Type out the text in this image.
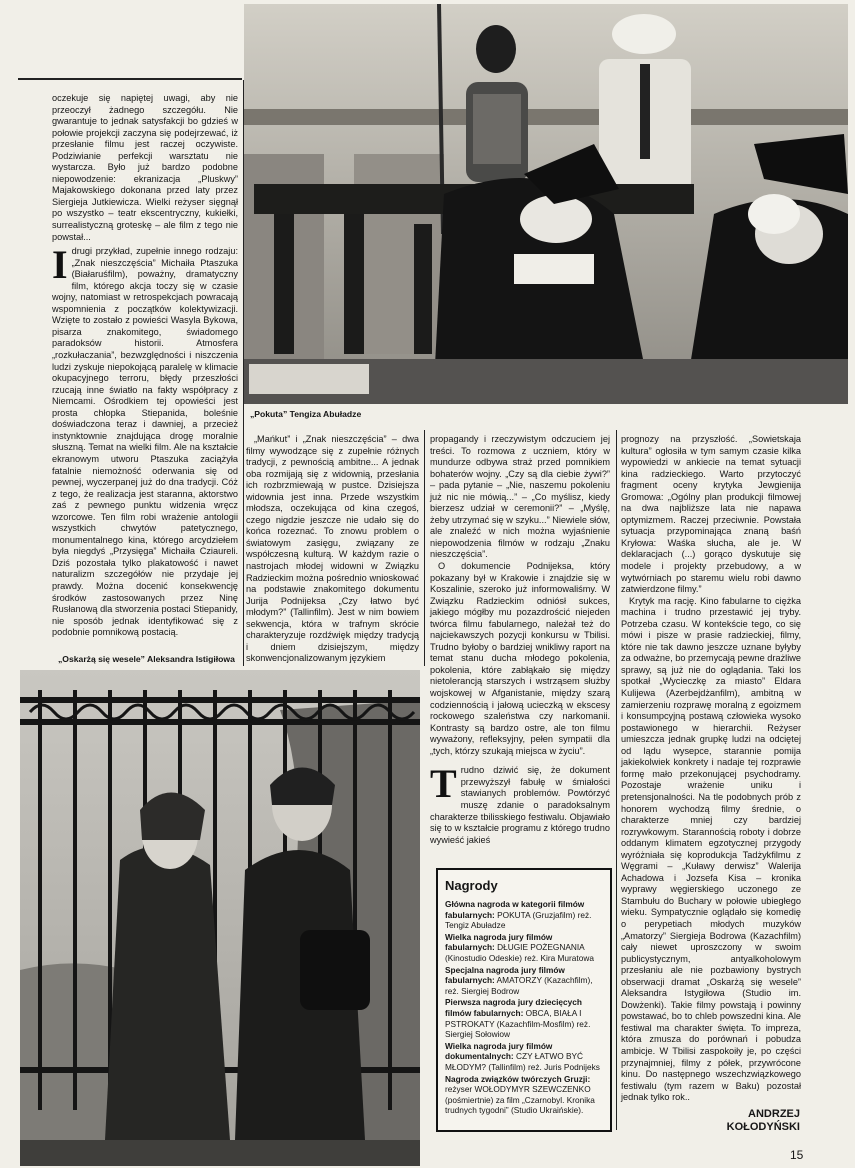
oczekuje się napiętej uwagi, aby nie przeoczył żadnego szczegółu. Nie gwarantuje to jednak satysfakcji bo gdzieś w połowie projekcji zaczyna się podejrzewać, iż przesłanie filmu jest raczej oczywiste. Podziwianie perfekcji warsztatu nie wystarcza. Było już bardzo podobne niepowodzenie: ekranizacja „Pluskwy” Majakowskiego dokonana przed laty przez Siergieja Jutkiewicza. Wielki reżyser sięgnął po wszystko – teatr ekscentryczny, kukiełki, surrealistyczną groteskę – ale film z tego nie powstał...

Idrugi przykład, zupełnie innego rodzaju: „Znak nieszczęścia” Michaiła Ptaszuka (Białaruśfilm), poważny, dramatyczny film, którego akcja toczy się w czasie wojny, natomiast w retrospekcjach powracają wspomnienia z początków kolektywizacji. Wzięte to zostało z powieści Wasyla Bykowa, pisarza znakomitego, świadomego paradoksów historii. Atmosfera „rozkułaczania”, bezwzględności i niszczenia ludzi zyskuje niepokojącą paralelę w klimacie okupacyjnego terroru, błędy przeszłości rzucają inne światło na fakty współpracy z Niemcami. Ośrodkiem tej opowieści jest prosta chłopka Stiepanida, boleśnie doświadczona teraz i dawniej, a przecież instynktownie znajdująca drogę moralnie słuszną. Temat na wielki film. Ale na kształcie ekranowym utworu Ptaszuka zaciążyła fatalnie niemożność oderwania się od pewnej, wyczerpanej już do dna tradycji. Cóż z tego, że realizacja jest staranna, aktorstwo zaś z pewnego punktu widzenia wręcz wzorcowe. Ten film robi wrażenie antologii wszystkich chwytów patetycznego, monumentalnego kina, którego arcydziełem była niegdyś „Przysięga” Michaiła Cziaureli. Dziś pozostała tylko plakatowość i nawet naturalizm szczegółów nie przydaje jej prawdy. Można docenić konsekwencję środków zastosowanych przez Ninę Rusłanową dla stworzenia postaci Stiepanidy, nie sposób jednak identyfikować się z podobnie pomnikową postacią.

„Oskarżą się wesele” Aleksandra Istigiłowa

„Pokuta” Tengiza Abuładze

„Mańkut” i „Znak nieszczęścia” – dwa filmy wywodzące się z zupełnie różnych tradycji, z pewnością ambitne... A jednak oba rozmijają się z widownią, przesłania ich rozbrzmiewają w pustce. Dzisiejsza widownia jest inna. Przede wszystkim młodsza, oczekująca od kina czegoś, czego nigdzie jeszcze nie udało się do końca rozeznać. To znowu problem o światowym zasięgu, związany ze współczesną kulturą. W każdym razie o nastrojach młodej widowni w Związku Radzieckim można pośrednio wnioskować na podstawie znakomitego dokumentu Jurija Podnijeksa „Czy łatwo być młodym?” (Tallinfilm). Jest w nim bowiem sekwencja, która w trafnym skrócie charakteryzuje rozdźwięk między tradycją i dniem dzisiejszym, między skonwencjonalizowanym językiem

propagandy i rzeczywistym odczuciem jej treści. To rozmowa z uczniem, który w mundurze odbywa straż przed pomnikiem bohaterów wojny. „Czy są dla ciebie żywi?” – pada pytanie – „Nie, naszemu pokoleniu już nic nie mówią...” – „Co myślisz, kiedy bierzesz udział w ceremonii?” – „Myślę, żeby utrzymać się w szyku...” Niewiele słów, ale znaleźć w nich można wyjaśnienie niepowodzenia filmów w rodzaju „Znaku nieszczęścia”.

O dokumencie Podnijeksa, który pokazany był w Krakowie i znajdzie się w Koszalinie, szeroko już informowaliśmy. W Związku Radzieckim odniósł sukces, jakiego mógłby mu pozazdrościć niejeden twórca filmu fabularnego, należał też do najciekawszych pozycji konkursu w Tbilisi. Trudno byłoby o bardziej wnikliwy raport na temat stanu ducha młodego pokolenia, pokolenia, które zabłąkało się między nietolerancją starszych i wstrząsem służby wojskowej w Afganistanie, między szarą codziennością i jałową ucieczką w ekscesy rockowego szaleństwa czy narkomanii. Kontrasty są bardzo ostre, ale ton filmu wyważony, refleksyjny, pełen sympatii dla „tych, którzy szukają miejsca w życiu”.

Trudno dziwić się, że dokument przewyższył fabułę w śmiałości stawianych problemów. Powtórzyć muszę zdanie o paradoksalnym charakterze tbilisskiego festiwalu. Objawiało się to w kształcie programu z którego trudno wywieść jakieś

Nagrody

Główna nagroda w kategorii filmów fabularnych: POKUTA (Gruzjafilm) reż. Tengiz Abuładze

Wielka nagroda jury filmów fabularnych: DŁUGIE POŻEGNANIA (Kinostudio Odeskie) reż. Kira Muratowa

Specjalna nagroda jury filmów fabularnych: AMATORZY (Kazachfilm), reż. Siergiej Bodrow

Pierwsza nagroda jury dziecięcych filmów fabularnych: OBCA, BIAŁA I PSTROKATY (Kazachfilm-Mosfilm) reż. Siergiej Sołowiow

Wielka nagroda jury filmów dokumentalnych: CZY ŁATWO BYĆ MŁODYM? (Tallinfilm) reż. Juris Podnijeks

Nagroda związków twórczych Gruzji: reżyser WOŁODYMYR SZEWCZENKO (pośmiertnie) za film „Czarnobyl. Kronika trudnych tygodni” (Studio Ukraińskie).

prognozy na przyszłość. „Sowietskaja kultura” ogłosiła w tym samym czasie kilka wypowiedzi w ankiecie na temat sytuacji kina radzieckiego. Warto przytoczyć fragment oceny krytyka Jewgienija Gromowa: „Ogólny plan produkcji filmowej na dwa najbliższe lata nie napawa optymizmem. Raczej przeciwnie. Powstała sytuacja przypominająca znaną baśń Kryłowa: Waśka słucha, ale je. W deklaracjach (...) gorąco dyskutuje się modele i projekty przebudowy, a w wytwórniach po staremu wielu robi dawno zatwierdzone filmy.”

Krytyk ma rację. Kino fabularne to ciężka machina i trudno przestawić jej tryby. Potrzeba czasu. W kontekście tego, co się mówi i pisze w prasie radzieckiej, filmy, które nie tak dawno jeszcze uznane byłyby za odważne, bo przemycają pewne drażliwe sprawy, są już nie do oglądania. Taki los spotkał „Wycieczkę za miasto” Eldara Kulijewa (Azerbejdżanfilm), ambitną w zamierzeniu rozprawę moralną z egoizmem i konsumpcyjną postawą człowieka wysoko postawionego w hierarchii. Reżyser umieszcza jednak grupkę ludzi na odciętej od lądu wysepce, starannie pomija jakiekolwiek konkrety i nadaje tej rozprawie formę mało przekonującej psychodramy. Pozostaje wrażenie uniku i pretensjonalności. Na tle podobnych prób z honorem wychodzą filmy średnie, o charakterze mniej czy bardziej rozrywkowym. Starannością roboty i dobrze oddanym klimatem egzotycznej przygody wyróżniała się koprodukcja Tadżykfilmu z Węgrami – „Kuławy derwisz” Walerija Achadowa i Jozsefa Kisa – kronika wyprawy węgierskiego uczonego ze Stambułu do Buchary w połowie ubiegłego wieku. Sympatycznie oglądało się komedię o perypetiach młodych muzyków „Amatorzy” Siergieja Bodrowa (Kazachfilm) cały niewet uproszczony w swoim publicystycznym, antyalkoholowym przesłaniu ale nie pozbawiony bystrych obserwacji dramat „Oskarżą się wesele” Aleksandra Istygiłowa (Studio im. Dowżenki). Takie filmy powstają i powinny powstawać, bo to chleb powszedni kina. Ale festiwal ma charakter święta. To impreza, która zmusza do porównań i pobudza ambicje. W Tbilisi zaspokoiły je, po części przynajmniej, filmy z półek, przywrócone kinu. Do następnego wszechzwiązkowego festiwalu (tym razem w Baku) pozostał jednak tylko rok..

ANDRZEJ
KOŁODYŃSKI
15
